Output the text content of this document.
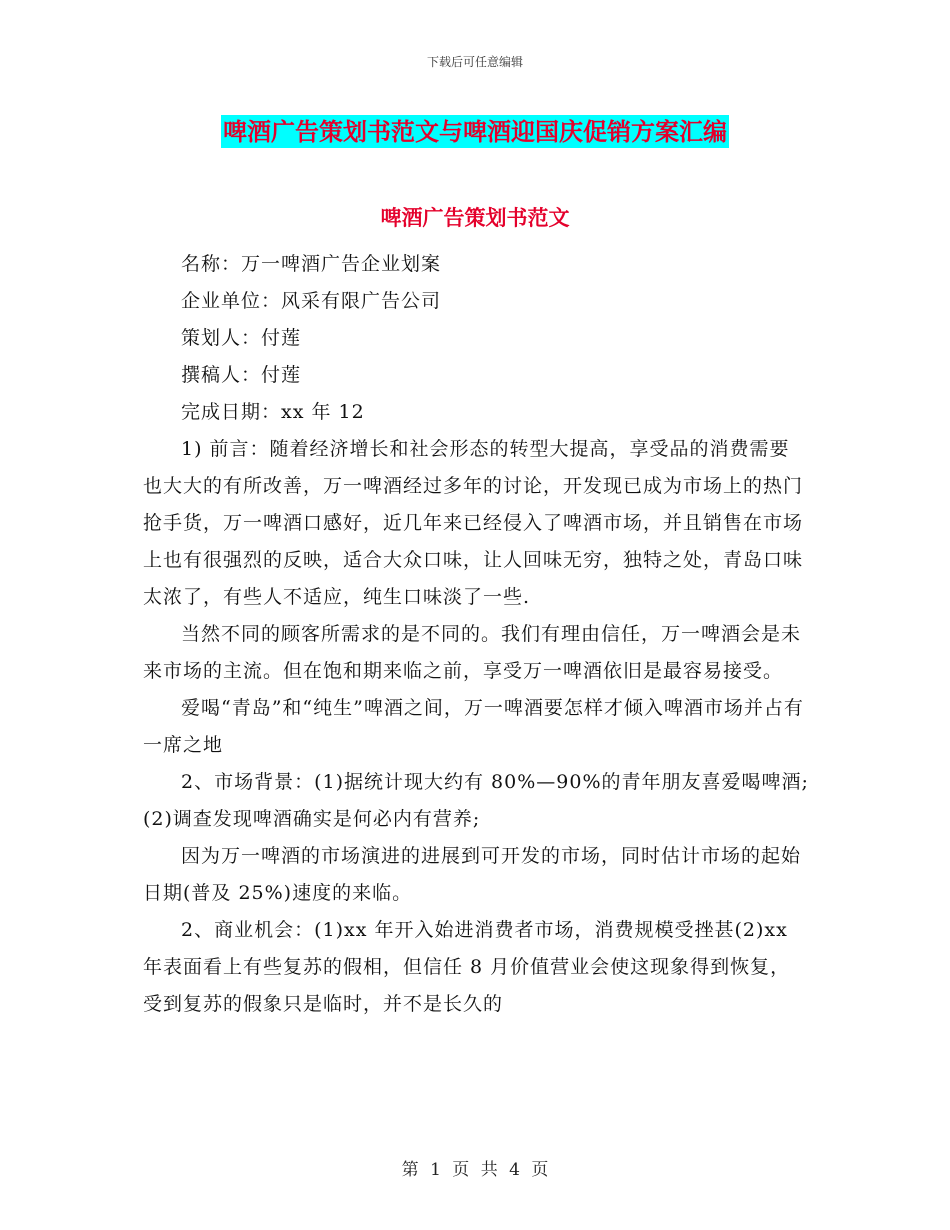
下载后可任意编辑
啤酒广告策划书范文与啤酒迎国庆促销方案汇编
啤酒广告策划书范文

名称：万一啤酒广告企业划案

企业单位：风采有限广告公司

策划人：付莲

撰稿人：付莲

完成日期：xx 年 12

1) 前言：随着经济增长和社会形态的转型大提高，享受品的消费需要也大大的有所改善，万一啤酒经过多年的讨论，开发现已成为市场上的热门抢手货，万一啤酒口感好，近几年来已经侵入了啤酒市场，并且销售在市场上也有很强烈的反映，适合大众口味，让人回味无穷，独特之处，青岛口味太浓了，有些人不适应，纯生口味淡了一些.

当然不同的顾客所需求的是不同的。我们有理由信任，万一啤酒会是未来市场的主流。但在饱和期来临之前，享受万一啤酒依旧是最容易接受。

爱喝“青岛”和“纯生”啤酒之间，万一啤酒要怎样才倾入啤酒市场并占有一席之地

2、市场背景：(1)据统计现大约有 80%—90%的青年朋友喜爱喝啤酒;(2)调查发现啤酒确实是何必内有营养;

因为万一啤酒的市场演进的进展到可开发的市场，同时估计市场的起始日期(普及 25%)速度的来临。

2、商业机会：(1)xx 年开入始进消费者市场，消费规模受挫甚(2)xx 年表面看上有些复苏的假相，但信任 8 月价值营业会使这现象得到恢复，受到复苏的假象只是临时，并不是长久的

第 1 页 共 4 页
